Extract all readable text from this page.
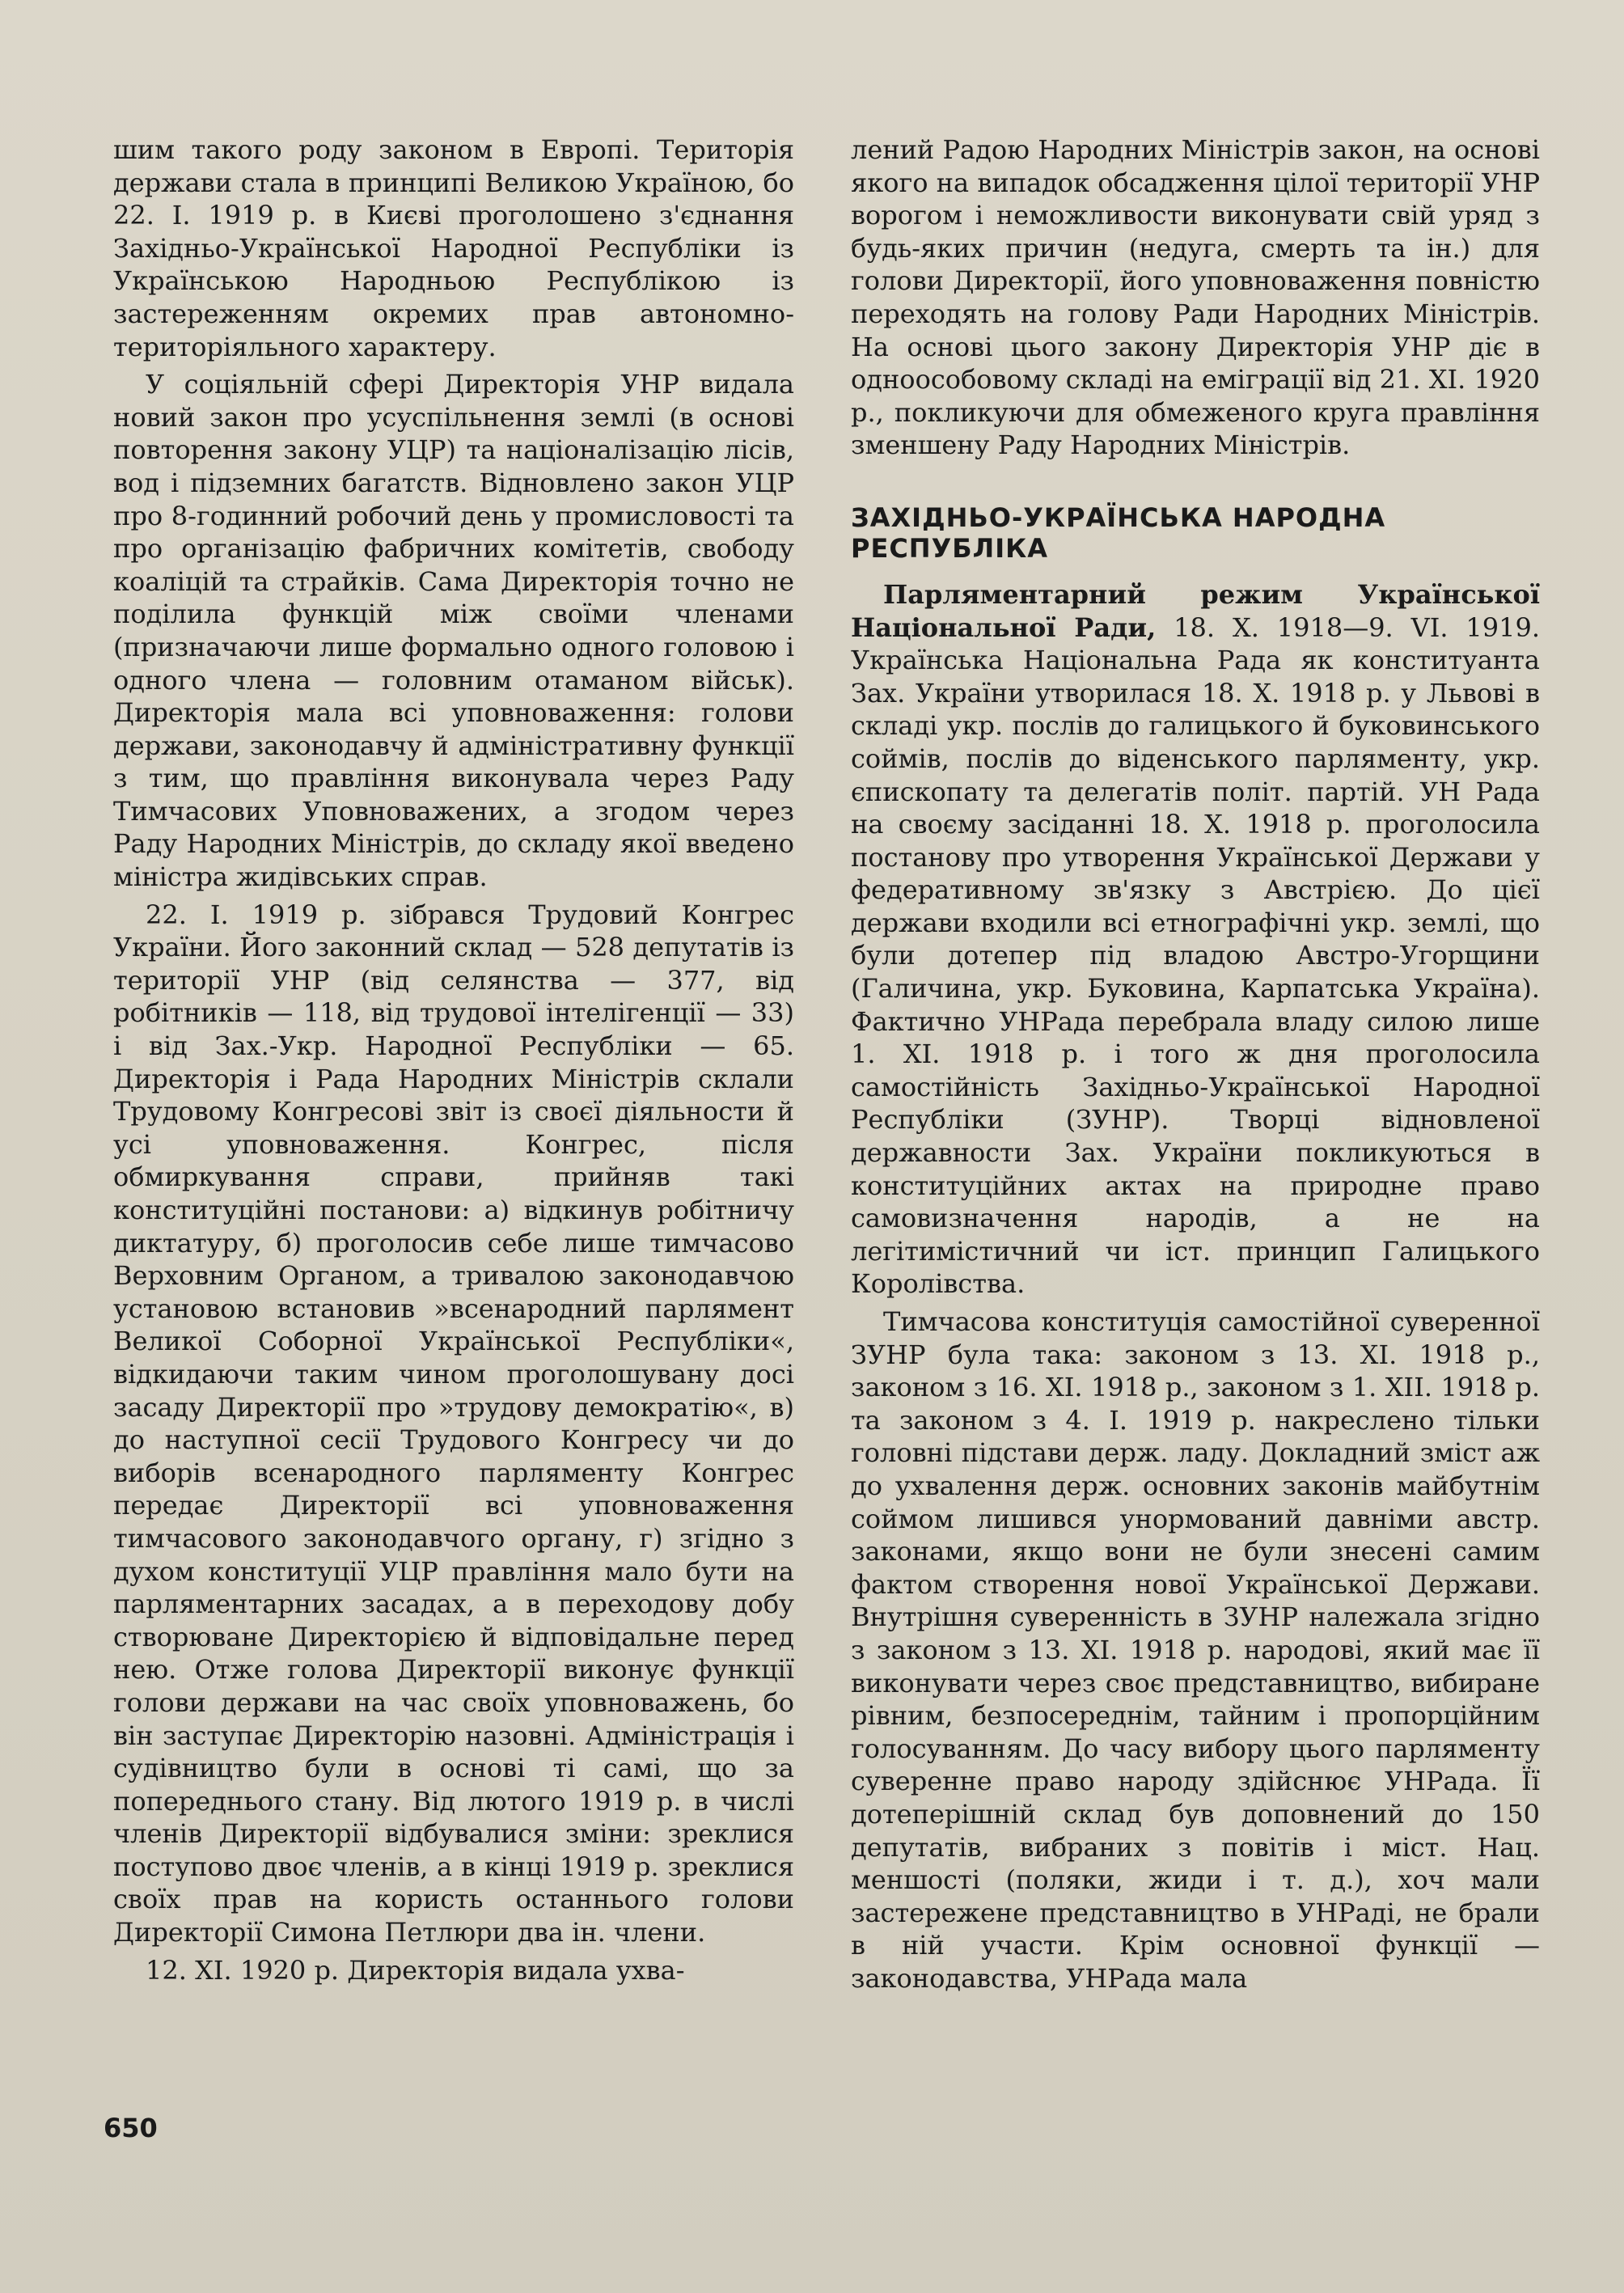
шим такого роду законом в Европі. Територія держави стала в принципі Великою Україною, бо 22. І. 1919 р. в Києві проголошено з'єднання Західньо-Української Народної Республіки із Українською Народньою Республікою із застереженням окремих прав автономно-територіяльного характеру.

У соціяльній сфері Директорія УНР видала новий закон про усуспільнення землі (в основі повторення закону УЦР) та націоналізацію лісів, вод і підземних багатств. Відновлено закон УЦР про 8-годинний робочий день у промисловості та про організацію фабричних комітетів, свободу коаліцій та страйків. Сама Директорія точно не поділила функцій між своїми членами (призначаючи лише формально одного головою і одного члена — головним отаманом військ). Директорія мала всі уповноваження: голови держави, законодавчу й адміністративну функції з тим, що правління виконувала через Раду Тимчасових Уповноважених, а згодом через Раду Народних Міністрів, до складу якої введено міністра жидівських справ.

22. І. 1919 р. зібрався Трудовий Конгрес України. Його законний склад — 528 депутатів із території УНР (від селянства — 377, від робітників — 118, від трудової інтелігенції — 33) і від Зах.-Укр. Народної Республіки — 65. Директорія і Рада Народних Міністрів склали Трудовому Конгресові звіт із своєї діяльности й усі уповноваження. Конгрес, після обмиркування справи, прийняв такі конституційні постанови: а) відкинув робітничу диктатуру, б) проголосив себе лише тимчасово Верховним Органом, а тривалою законодавчою установою встановив »всенародний парлямент Великої Соборної Української Республіки«, відкидаючи таким чином проголошувану досі засаду Директорії про »трудову демократію«, в) до наступної сесії Трудового Конгресу чи до виборів всенародного парляменту Конгрес передає Директорії всі уповноваження тимчасового законодавчого органу, г) згідно з духом конституції УЦР правління мало бути на парляментарних засадах, а в переходову добу створюване Директорією й відповідальне перед нею. Отже голова Директорії виконує функції голови держави на час своїх уповноважень, бо він заступає Директорію назовні. Адміністрація і судівництво були в основі ті самі, що за попереднього стану. Від лютого 1919 р. в числі членів Директорії відбувалися зміни: зреклися поступово двоє членів, а в кінці 1919 р. зреклися своїх прав на користь останнього голови Директорії Симона Петлюри два ін. члени.

12. XI. 1920 р. Директорія видала ухва-

лений Радою Народних Міністрів закон, на основі якого на випадок обсадження цілої території УНР ворогом і неможливости виконувати свій уряд з будь-яких причин (недуга, смерть та ін.) для голови Директорії, його уповноваження повністю переходять на голову Ради Народних Міністрів. На основі цього закону Директорія УНР діє в одноособовому складі на еміграції від 21. XI. 1920 р., покликуючи для обмеженого круга правління зменшену Раду Народних Міністрів.

ЗАХІДНЬО-УКРАЇНСЬКА НАРОДНА РЕСПУБЛІКА

Парляментарний режим Української Національної Ради, 18. X. 1918—9. VI. 1919. Українська Національна Рада як конституанта Зах. України утворилася 18. X. 1918 р. у Львові в складі укр. послів до галицького й буковинського соймів, послів до віденського парляменту, укр. єпископату та делегатів політ. партій. УН Рада на своєму засіданні 18. X. 1918 р. проголосила постанову про утворення Української Держави у федеративному зв'язку з Австрією. До цієї держави входили всі етнографічні укр. землі, що були дотепер під владою Австро-Угорщини (Галичина, укр. Буковина, Карпатська Україна). Фактично УНРада перебрала владу силою лише 1. XI. 1918 р. і того ж дня проголосила самостійність Західньо-Української Народної Республіки (ЗУНР). Творці відновленої державности Зах. України покликуються в конституційних актах на природне право самовизначення народів, а не на легітимістичний чи іст. принцип Галицького Королівства.

Тимчасова конституція самостійної суверенної ЗУНР була така: законом з 13. XI. 1918 р., законом з 16. XI. 1918 р., законом з 1. XII. 1918 р. та законом з 4. І. 1919 р. накреслено тільки головні підстави держ. ладу. Докладний зміст аж до ухвалення держ. основних законів майбутнім соймом лишився унормований давніми австр. законами, якщо вони не були знесені самим фактом створення нової Української Держави. Внутрішня суверенність в ЗУНР належала згідно з законом з 13. XI. 1918 р. народові, який має її виконувати через своє представництво, вибиране рівним, безпосереднім, тайним і пропорційним голосуванням. До часу вибору цього парляменту суверенне право народу здійснює УНРада. Її дотеперішній склад був доповнений до 150 депутатів, вибраних з повітів і міст. Нац. меншості (поляки, жиди і т. д.), хоч мали застережене представництво в УНРаді, не брали в ній участи. Крім основної функції — законодавства, УНРада мала

650
